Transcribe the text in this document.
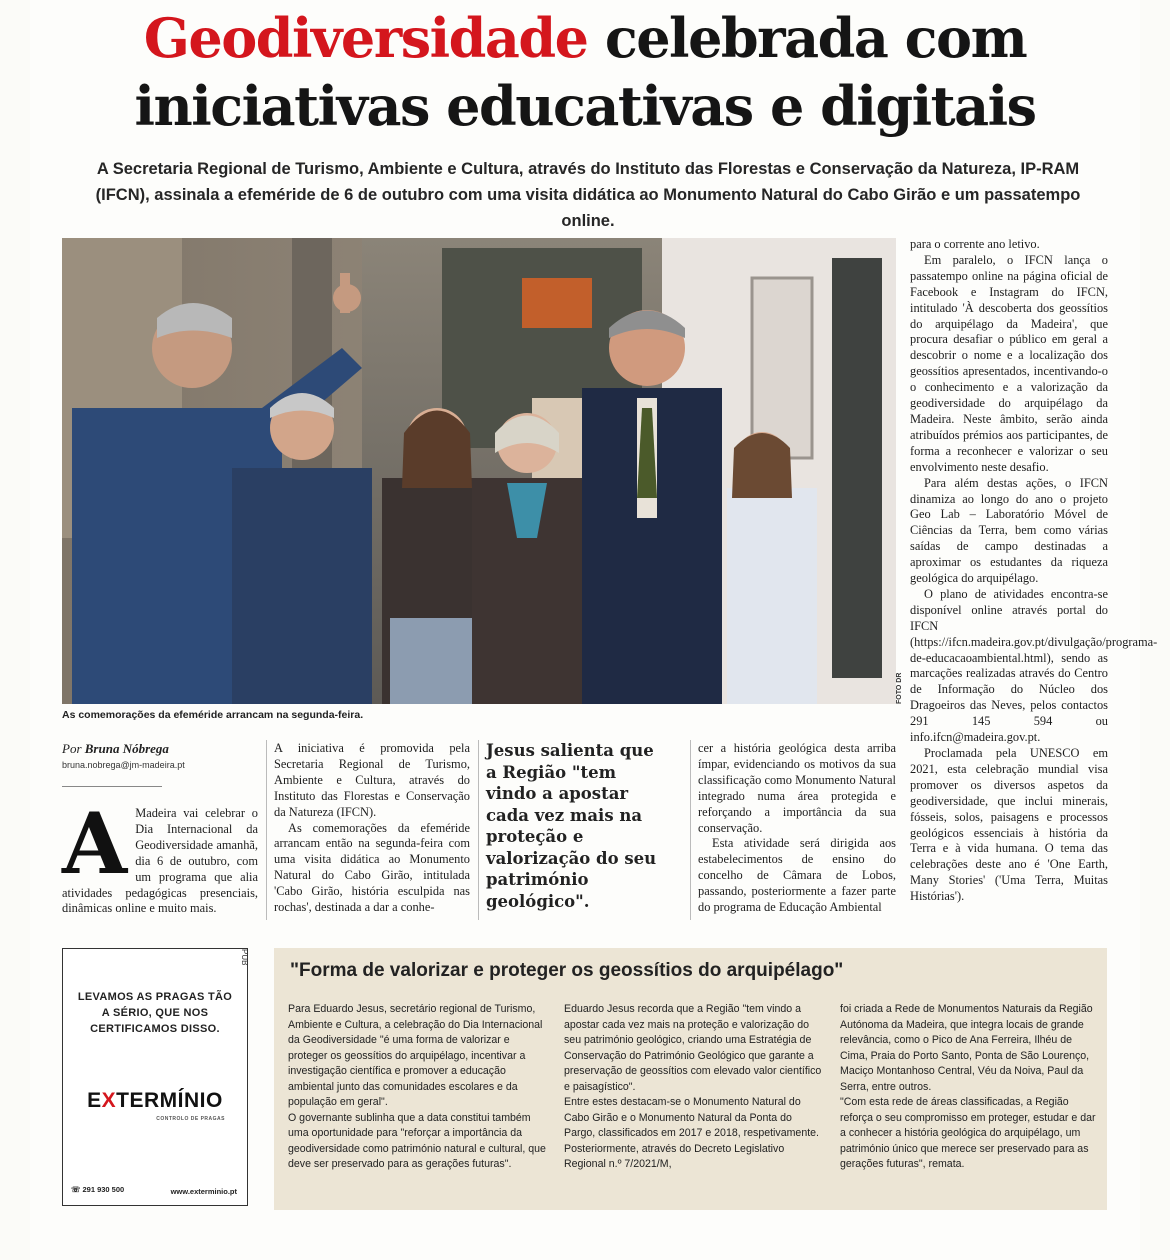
Geodiversidade celebrada com
iniciativas educativas e digitais

A Secretaria Regional de Turismo, Ambiente e Cultura, através do Instituto das Florestas e Conservação da Natureza, IP-RAM (IFCN), assinala a efeméride de 6 de outubro com uma visita didática ao Monumento Natural do Cabo Girão e um passatempo online.

FOTO DR
As comemorações da efeméride arrancam na segunda-feira.
Por Bruna Nóbrega
bruna.nobrega@jm-madeira.pt
A Madeira vai celebrar o Dia Internacional da Geodiversidade amanhã, dia 6 de outubro, com um programa que alia atividades pedagógicas presenciais, dinâmicas online e muito mais.

A iniciativa é promovida pela Secretaria Regional de Turismo, Ambiente e Cultura, através do Instituto das Florestas e Conservação da Natureza (IFCN).

As comemorações da efeméride arrancam então na segunda-feira com uma visita didática ao Monumento Natural do Cabo Girão, intitulada 'Cabo Girão, história esculpida nas rochas', destinada a dar a conhe-

Jesus salienta que a Região "tem vindo a apostar cada vez mais na proteção e valorização do seu património geológico".

cer a história geológica desta arriba ímpar, evidenciando os motivos da sua classificação como Monumento Natural integrado numa área protegida e reforçando a importância da sua conservação.

Esta atividade será dirigida aos estabelecimentos de ensino do concelho de Câmara de Lobos, passando, posteriormente a fazer parte do programa de Educação Ambiental

para o corrente ano letivo.

Em paralelo, o IFCN lança o passatempo online na página oficial de Facebook e Instagram do IFCN, intitulado 'À descoberta dos geossítios do arquipélago da Madeira', que procura desafiar o público em geral a descobrir o nome e a localização dos geossítios apresentados, incentivando-o o conhecimento e a valorização da geodiversidade do arquipélago da Madeira. Neste âmbito, serão ainda atribuídos prémios aos participantes, de forma a reconhecer e valorizar o seu envolvimento neste desafio.

Para além destas ações, o IFCN dinamiza ao longo do ano o projeto Geo Lab – Laboratório Móvel de Ciências da Terra, bem como várias saídas de campo destinadas a aproximar os estudantes da riqueza geológica do arquipélago.

O plano de atividades encontra-se disponível online através portal do IFCN (https://ifcn.madeira.gov.pt/divulgação/programa-de-educacaoambiental.html), sendo as marcações realizadas através do Centro de Informação do Núcleo dos Dragoeiros das Neves, pelos contactos 291 145 594 ou info.ifcn@madeira.gov.pt.

Proclamada pela UNESCO em 2021, esta celebração mundial visa promover os diversos aspetos da geodiversidade, que inclui minerais, fósseis, solos, paisagens e processos geológicos essenciais à história da Terra e à vida humana. O tema das celebrações deste ano é 'One Earth, Many Stories' ('Uma Terra, Muitas Histórias').

PUB
LEVAMOS AS PRAGAS TÃO A SÉRIO, QUE NOS CERTIFICAMOS DISSO.
EXTERMÍNIO
CONTROLO DE PRAGAS
☏ 291 930 500	www.exterminio.pt
"Forma de valorizar e proteger os geossítios do arquipélago"

Para Eduardo Jesus, secretário regional de Turismo, Ambiente e Cultura, a celebração do Dia Internacional da Geodiversidade "é uma forma de valorizar e proteger os geossítios do arquipélago, incentivar a investigação científica e promover a educação ambiental junto das comunidades escolares e da população em geral".

O governante sublinha que a data constitui também uma oportunidade para "reforçar a importância da geodiversidade como património natural e cultural, que deve ser preservado para as gerações futuras".

Eduardo Jesus recorda que a Região "tem vindo a apostar cada vez mais na proteção e valorização do seu património geológico, criando uma Estratégia de Conservação do Património Geológico que garante a preservação de geossítios com elevado valor científico e paisagístico".

Entre estes destacam-se o Monumento Natural do Cabo Girão e o Monumento Natural da Ponta do Pargo, classificados em 2017 e 2018, respetivamente. Posteriormente, através do Decreto Legislativo Regional n.º 7/2021/M,

foi criada a Rede de Monumentos Naturais da Região Autónoma da Madeira, que integra locais de grande relevância, como o Pico de Ana Ferreira, Ilhéu de Cima, Praia do Porto Santo, Ponta de São Lourenço, Maciço Montanhoso Central, Véu da Noiva, Paul da Serra, entre outros.

"Com esta rede de áreas classificadas, a Região reforça o seu compromisso em proteger, estudar e dar a conhecer a história geológica do arquipélago, um património único que merece ser preservado para as gerações futuras", remata.
